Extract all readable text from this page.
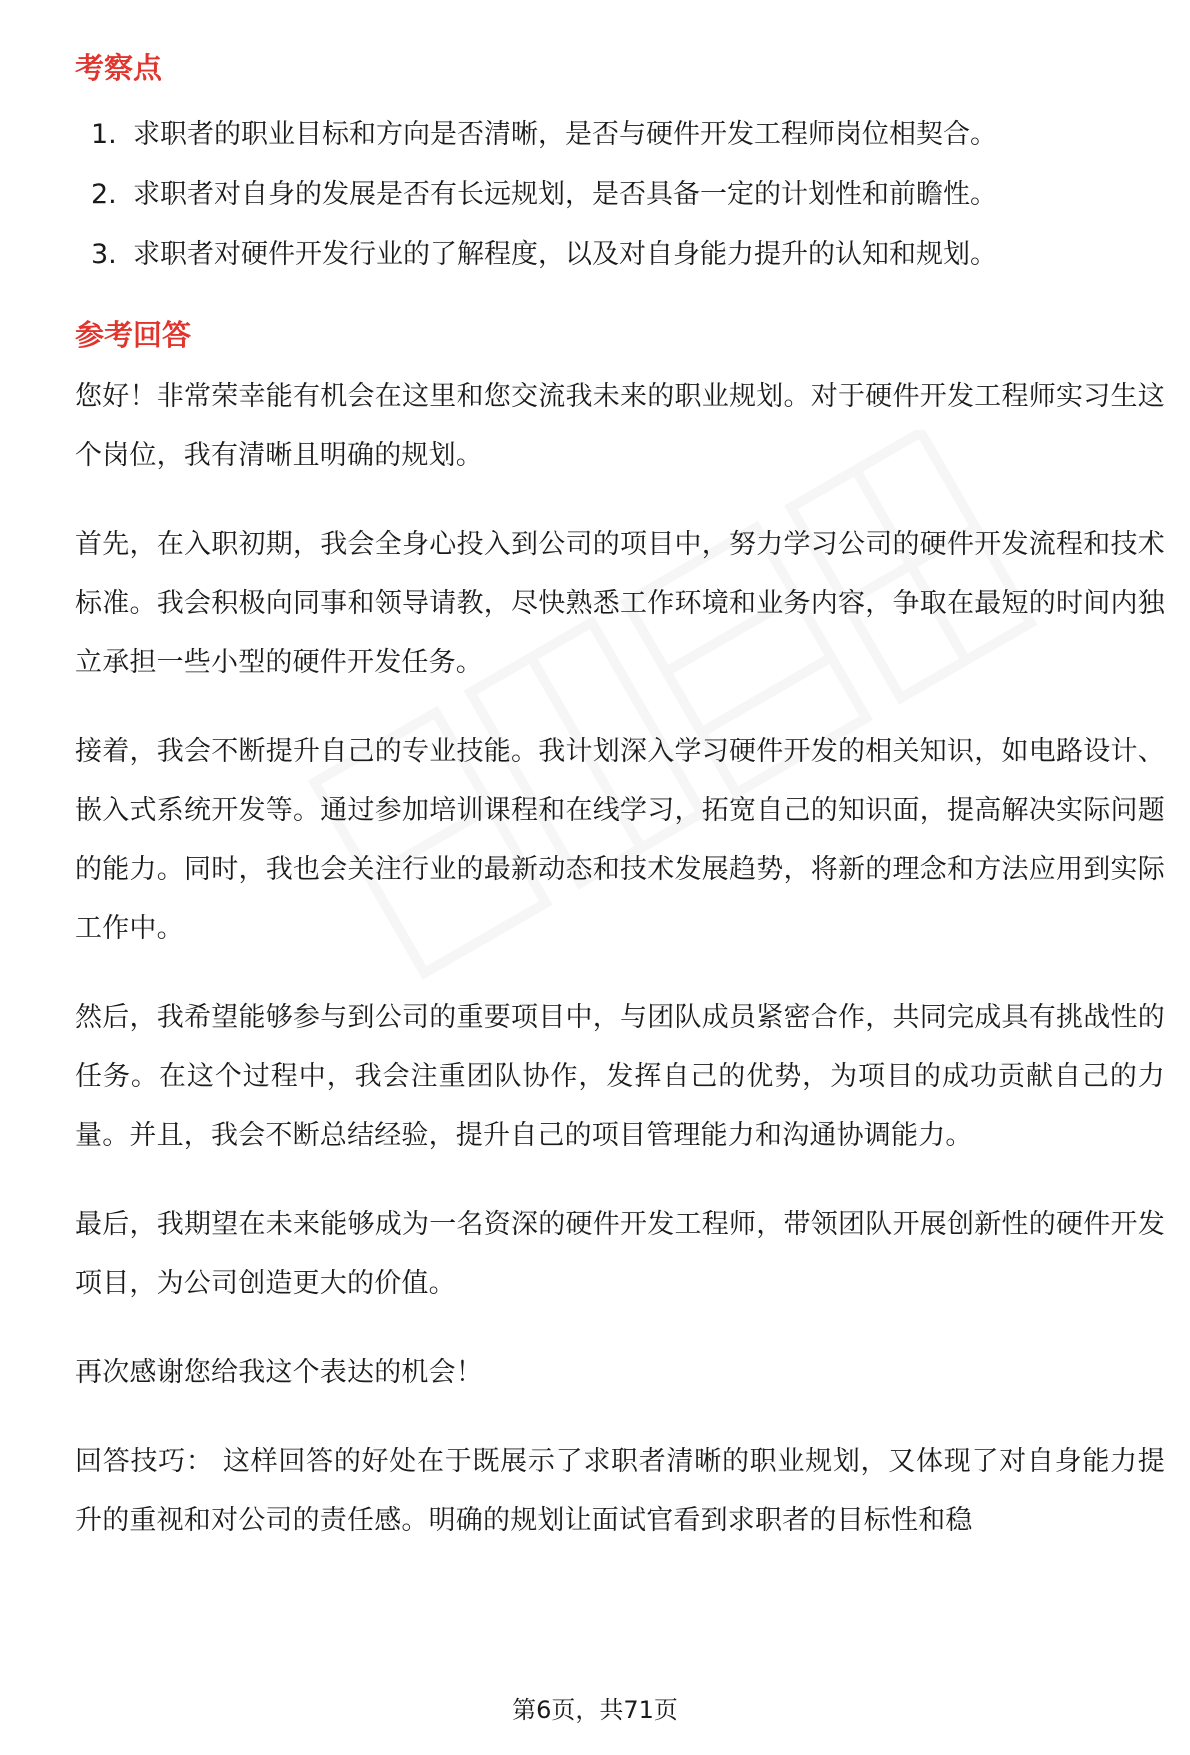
考察点
1. 求职者的职业目标和方向是否清晰，是否与硬件开发工程师岗位相契合。
2. 求职者对自身的发展是否有长远规划，是否具备一定的计划性和前瞻性。
3. 求职者对硬件开发行业的了解程度，以及对自身能力提升的认知和规划。
参考回答

您好！非常荣幸能有机会在这里和您交流我未来的职业规划。对于硬件开发工程师实习生这个岗位，我有清晰且明确的规划。

首先，在入职初期，我会全身心投入到公司的项目中，努力学习公司的硬件开发流程和技术标准。我会积极向同事和领导请教，尽快熟悉工作环境和业务内容，争取在最短的时间内独立承担一些小型的硬件开发任务。

接着，我会不断提升自己的专业技能。我计划深入学习硬件开发的相关知识，如电路设计、嵌入式系统开发等。通过参加培训课程和在线学习，拓宽自己的知识面，提高解决实际问题的能力。同时，我也会关注行业的最新动态和技术发展趋势，将新的理念和方法应用到实际工作中。

然后，我希望能够参与到公司的重要项目中，与团队成员紧密合作，共同完成具有挑战性的任务。在这个过程中，我会注重团队协作，发挥自己的优势，为项目的成功贡献自己的力量。并且，我会不断总结经验，提升自己的项目管理能力和沟通协调能力。

最后，我期望在未来能够成为一名资深的硬件开发工程师，带领团队开展创新性的硬件开发项目，为公司创造更大的价值。

再次感谢您给我这个表达的机会！

回答技巧： 这样回答的好处在于既展示了求职者清晰的职业规划，又体现了对自身能力提升的重视和对公司的责任感。明确的规划让面试官看到求职者的目标性和稳

第6页，共71页
